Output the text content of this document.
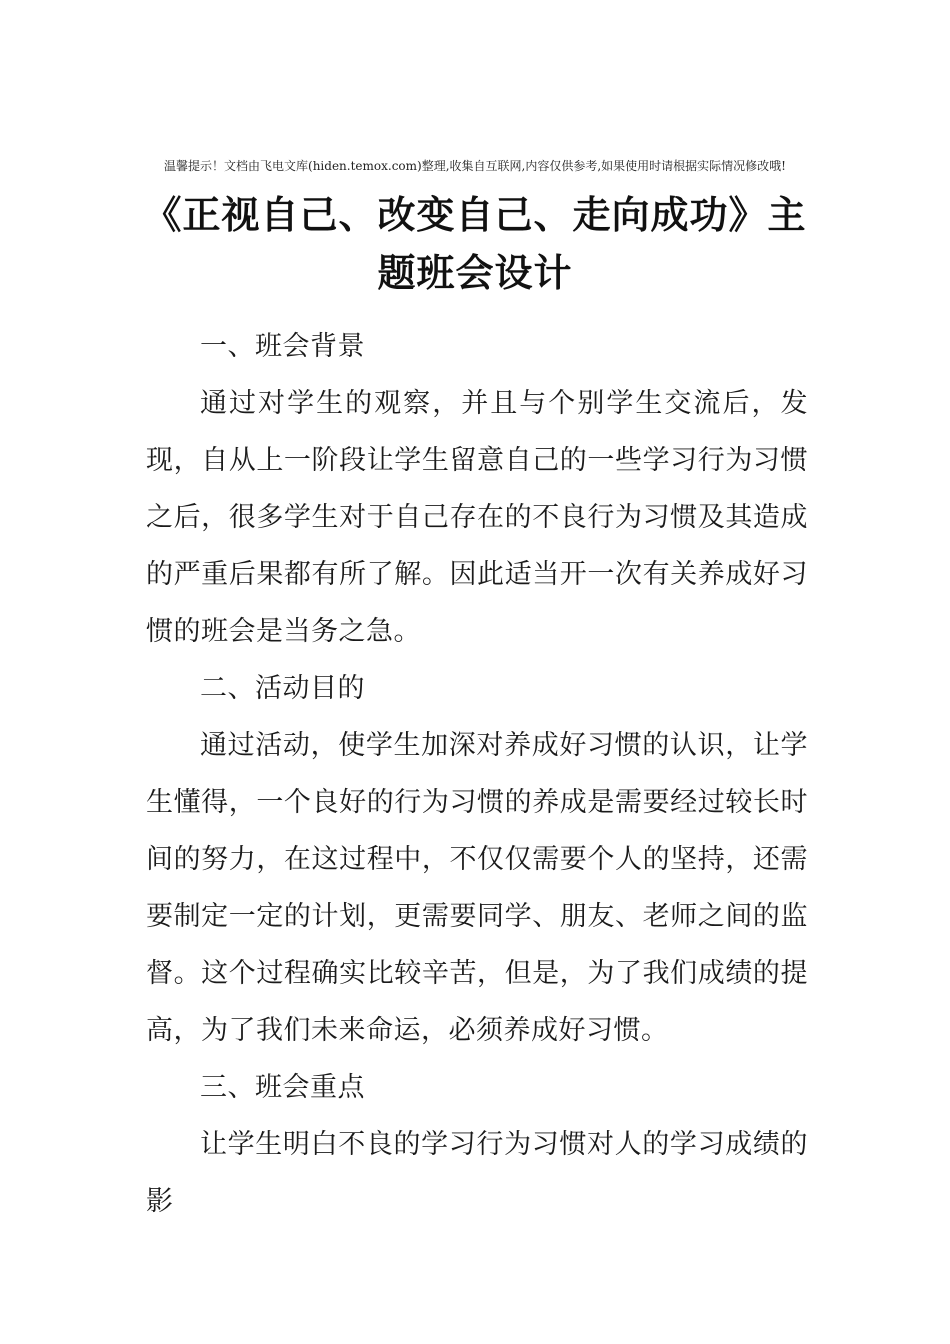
温馨提示！文档由飞电文库(hiden.temox.com)整理,收集自互联网,内容仅供参考,如果使用时请根据实际情况修改哦!
《正视自己、改变自己、走向成功》主题班会设计

一、班会背景

通过对学生的观察，并且与个别学生交流后，发现，自从上一阶段让学生留意自己的一些学习行为习惯之后，很多学生对于自己存在的不良行为习惯及其造成的严重后果都有所了解。因此适当开一次有关养成好习惯的班会是当务之急。

二、活动目的

通过活动，使学生加深对养成好习惯的认识，让学生懂得，一个良好的行为习惯的养成是需要经过较长时间的努力，在这过程中，不仅仅需要个人的坚持，还需要制定一定的计划，更需要同学、朋友、老师之间的监督。这个过程确实比较辛苦，但是，为了我们成绩的提高，为了我们未来命运，必须养成好习惯。

三、班会重点

让学生明白不良的学习行为习惯对人的学习成绩的影
